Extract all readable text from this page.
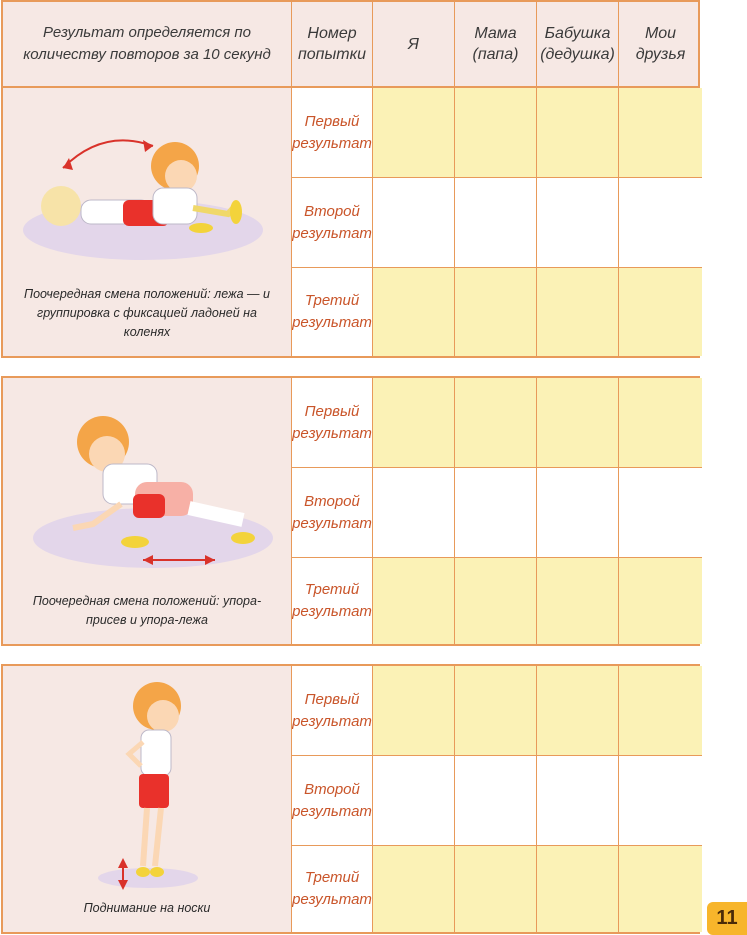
Результат определяется по количеству повторов за 10 секунд
Номер попытки
Я
Мама (папа)
Бабушка (дедушка)
Мои друзья
Поочередная смена положений: лежа — и группировка с фиксацией ладоней на коленях
Первый результат
Второй результат
Третий результат
Поочередная смена положений: упора-присев и упора-лежа
Первый результат
Второй результат
Третий результат
Поднимание на носки
Первый результат
Второй результат
Третий результат
11
